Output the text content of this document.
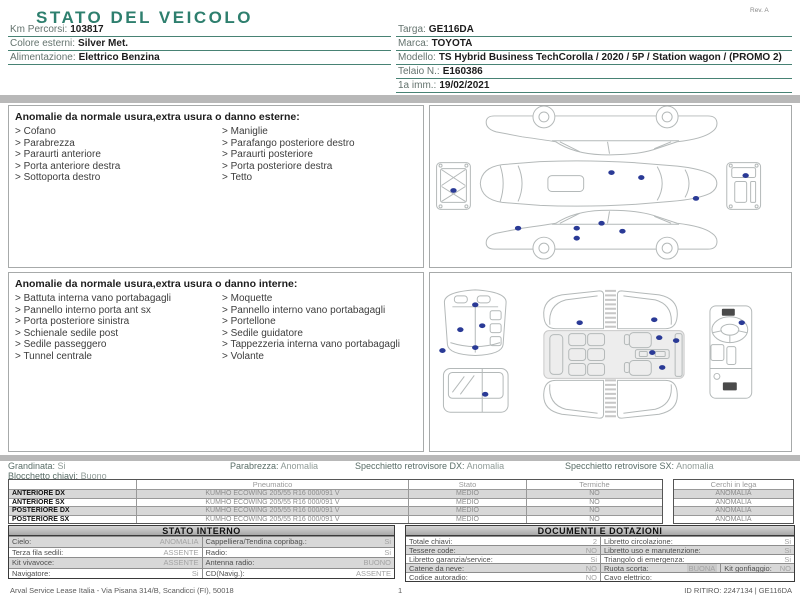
STATO DEL VEICOLO	Rev. A
Km Percorsi: 103817
Colore esterni: Silver Met.
Alimentazione: Elettrico Benzina
Targa: GE116DA
Marca: TOYOTA
Modello: TS Hybrid Business TechCorolla / 2020 / 5P / Station wagon / (PROMO 2)
Telaio N.: E160386
1a imm.: 19/02/2021
Anomalie da normale usura,extra usura o danno esterne:
> Cofano
> Parabrezza
> Paraurti anteriore
> Porta anteriore destra
> Sottoporta destro
> Maniglie
> Parafango posteriore destro
> Paraurti posteriore
> Porta posteriore destra
> Tetto
Anomalie da normale usura,extra usura o danno interne:
> Battuta interna vano portabagagli
> Pannello interno porta ant sx
> Porta posteriore sinistra
> Schienale sedile post
> Sedile passeggero
> Tunnel centrale
> Moquette
> Pannello interno vano portabagagli
> Portellone
> Sedile guidatore
> Tappezzeria interna vano portabagagli
> Volante
Grandinata: Si
Blocchetto chiavi: Buono
Parabrezza: Anomalia	Specchietto retrovisore DX: Anomalia	Specchietto retrovisore SX: Anomalia
Pneumatico	Stato	Termiche
ANTERIORE DX	KUMHO ECOWING 205/55 R16 000/091 V	MEDIO	NO
ANTERIORE SX	KUMHO ECOWING 205/55 R16 000/091 V	MEDIO	NO
POSTERIORE DX	KUMHO ECOWING 205/55 R16 000/091 V	MEDIO	NO
POSTERIORE SX	KUMHO ECOWING 205/55 R16 000/091 V	MEDIO	NO
Cerchi in lega
ANOMALIA
ANOMALIA
ANOMALIA
ANOMALIA
STATO INTERNO
Cielo:	ANOMALIA Cappelliera/Tendina copribag.:	Si
Terza fila sedili:	ASSENTE Radio:	Si
Kit vivavoce:	ASSENTE Antenna radio:	BUONO
Navigatore:	Si CD(Navig.):	ASSENTE
DOCUMENTI E DOTAZIONI
Totale chiavi:	2 Libretto circolazione:	Si
Tessere code:	NO Libretto uso e manutenzione:	Si
Libretto garanzia/service:	Si Triangolo di emergenza:	Si
Catene da neve:	NO Ruota scorta:	BUONA Kit gonfiaggio: NO
Codice autoradio:	NO Cavo elettrico:
Arval Service Lease Italia - Via Pisana 314/B, Scandicci (FI), 50018	1	ID RITIRO: 2247134 | GE116DA
